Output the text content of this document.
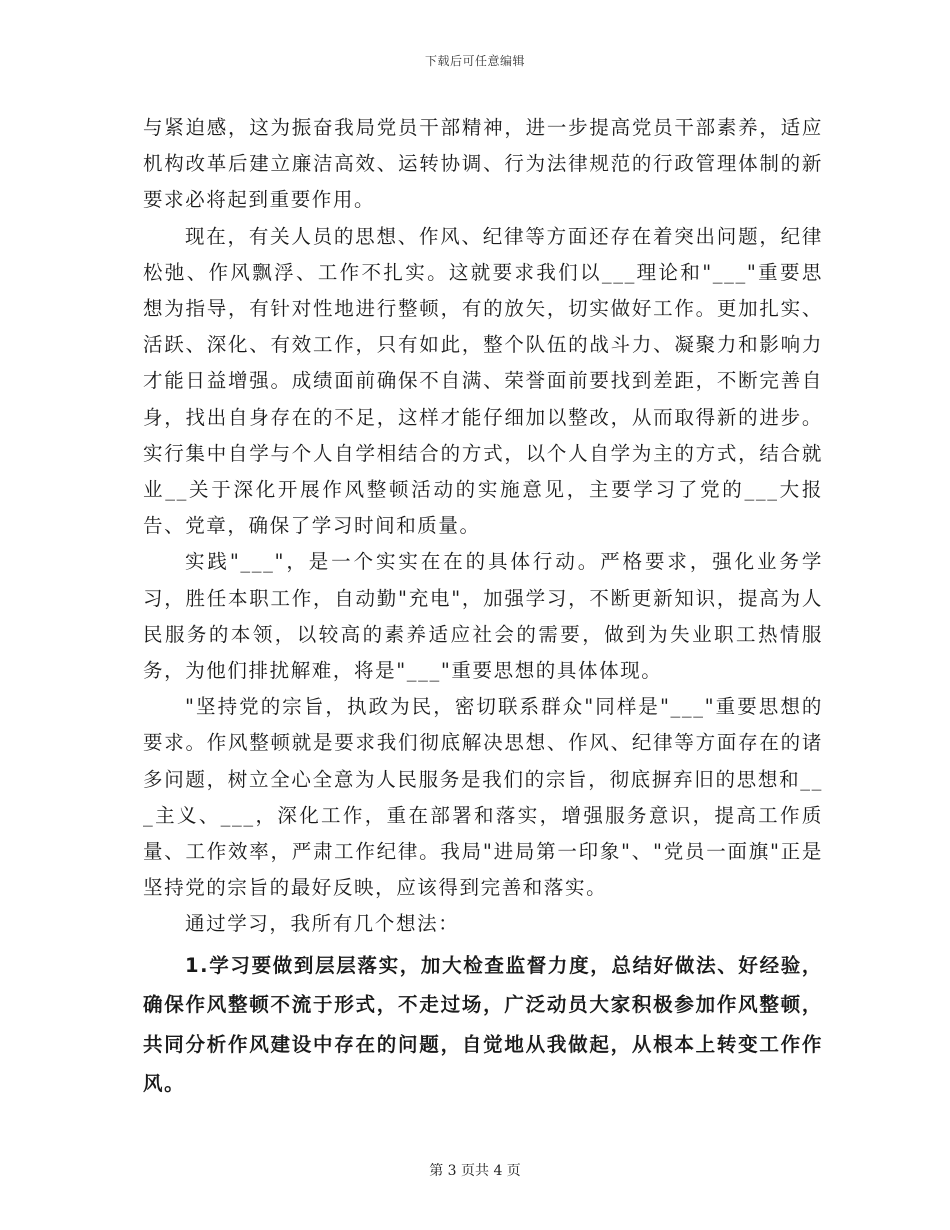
下载后可任意编辑

与紧迫感，这为振奋我局党员干部精神，进一步提高党员干部素养，适应机构改革后建立廉洁高效、运转协调、行为法律规范的行政管理体制的新要求必将起到重要作用。

现在，有关人员的思想、作风、纪律等方面还存在着突出问题，纪律松弛、作风飘浮、工作不扎实。这就要求我们以___理论和"___"重要思想为指导，有针对性地进行整顿，有的放矢，切实做好工作。更加扎实、活跃、深化、有效工作，只有如此，整个队伍的战斗力、凝聚力和影响力才能日益增强。成绩面前确保不自满、荣誉面前要找到差距，不断完善自身，找出自身存在的不足，这样才能仔细加以整改，从而取得新的进步。实行集中自学与个人自学相结合的方式，以个人自学为主的方式，结合就业__关于深化开展作风整顿活动的实施意见，主要学习了党的___大报告、党章，确保了学习时间和质量。

实践"___"，是一个实实在在的具体行动。严格要求，强化业务学习，胜任本职工作，自动勤"充电"，加强学习，不断更新知识，提高为人民服务的本领，以较高的素养适应社会的需要，做到为失业职工热情服务，为他们排扰解难，将是"___"重要思想的具体体现。

"坚持党的宗旨，执政为民，密切联系群众"同样是"___"重要思想的要求。作风整顿就是要求我们彻底解决思想、作风、纪律等方面存在的诸多问题，树立全心全意为人民服务是我们的宗旨，彻底摒弃旧的思想和___主义、___，深化工作，重在部署和落实，增强服务意识，提高工作质量、工作效率，严肃工作纪律。我局"进局第一印象"、"党员一面旗"正是坚持党的宗旨的最好反映，应该得到完善和落实。

通过学习，我所有几个想法：

1.学习要做到层层落实，加大检查监督力度，总结好做法、好经验，确保作风整顿不流于形式，不走过场，广泛动员大家积极参加作风整顿，共同分析作风建设中存在的问题，自觉地从我做起，从根本上转变工作作风。

第 3 页共 4 页
